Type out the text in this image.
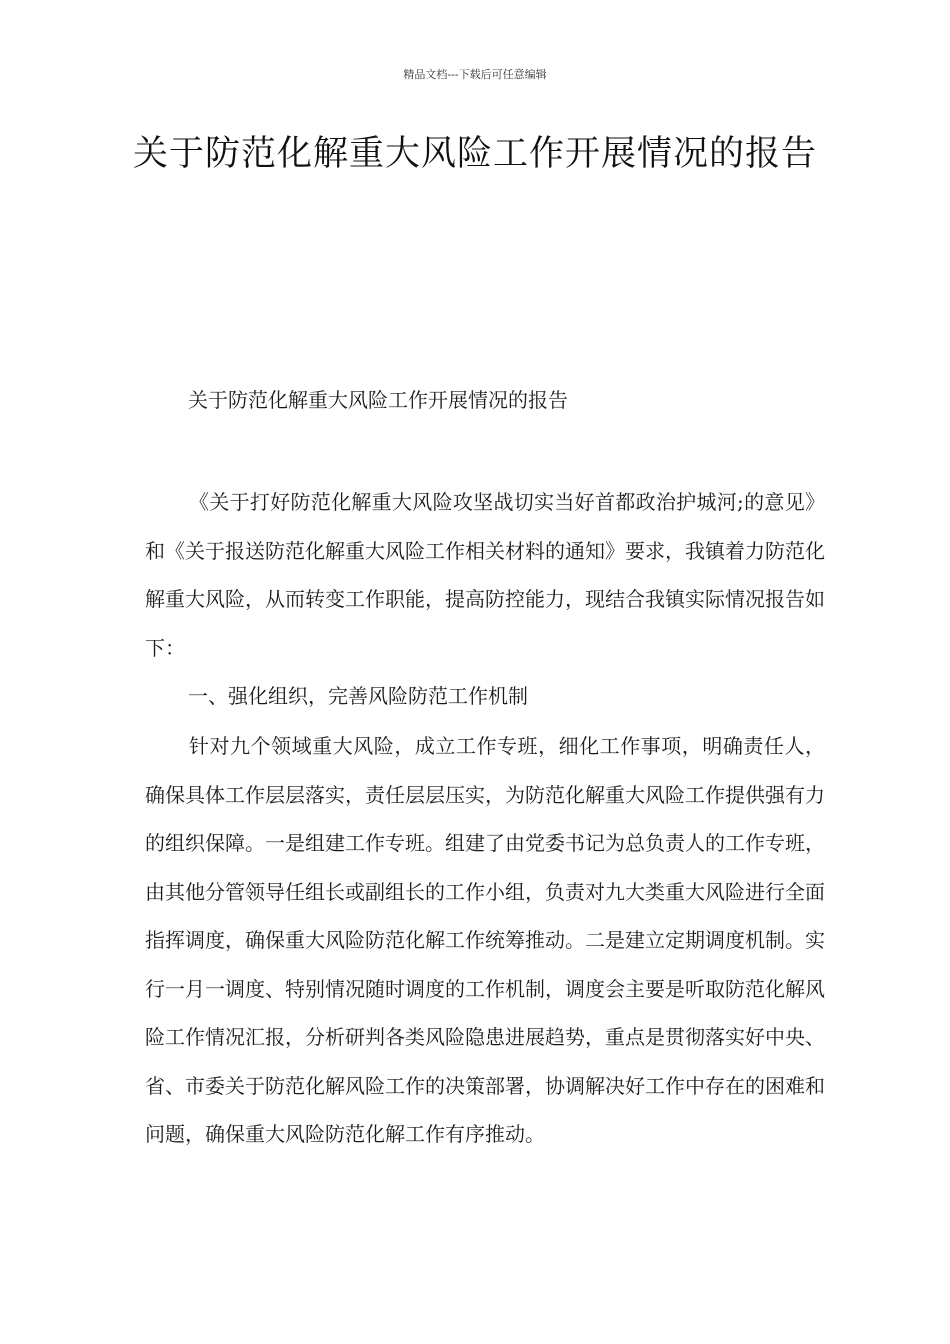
精品文档---下载后可任意编辑
关于防范化解重大风险工作开展情况的报告

关于防范化解重大风险工作开展情况的报告

《关于打好防范化解重大风险攻坚战切实当好首都政治护城河;的意见》和《关于报送防范化解重大风险工作相关材料的通知》要求，我镇着力防范化解重大风险，从而转变工作职能，提高防控能力，现结合我镇实际情况报告如下：

一、强化组织，完善风险防范工作机制

针对九个领域重大风险，成立工作专班，细化工作事项，明确责任人，确保具体工作层层落实，责任层层压实，为防范化解重大风险工作提供强有力的组织保障。一是组建工作专班。组建了由党委书记为总负责人的工作专班，由其他分管领导任组长或副组长的工作小组，负责对九大类重大风险进行全面指挥调度，确保重大风险防范化解工作统筹推动。二是建立定期调度机制。实行一月一调度、特别情况随时调度的工作机制，调度会主要是听取防范化解风险工作情况汇报，分析研判各类风险隐患进展趋势，重点是贯彻落实好中央、省、市委关于防范化解风险工作的决策部署，协调解决好工作中存在的困难和问题，确保重大风险防范化解工作有序推动。
